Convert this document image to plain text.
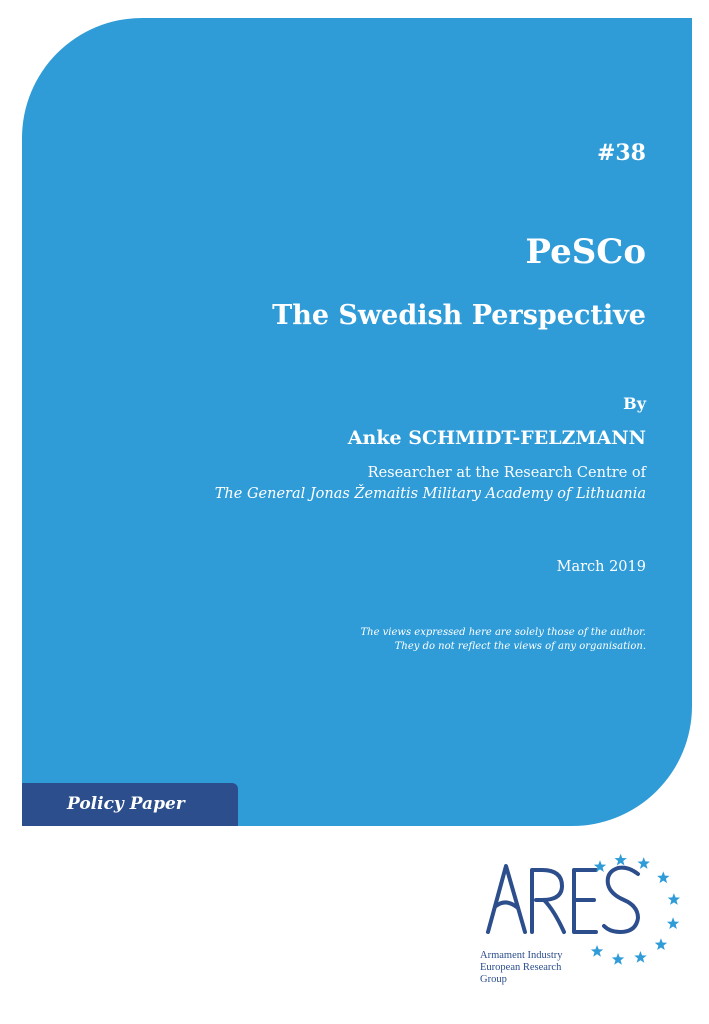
#38
PeSCo
The Swedish Perspective
By
Anke SCHMIDT-FELZMANN
Researcher at the Research Centre of
The General Jonas Žemaitis Military Academy of Lithuania
March 2019
The views expressed here are solely those of the author.
They do not reflect the views of any organisation.
Policy Paper
Armament Industry
European Research
Group
